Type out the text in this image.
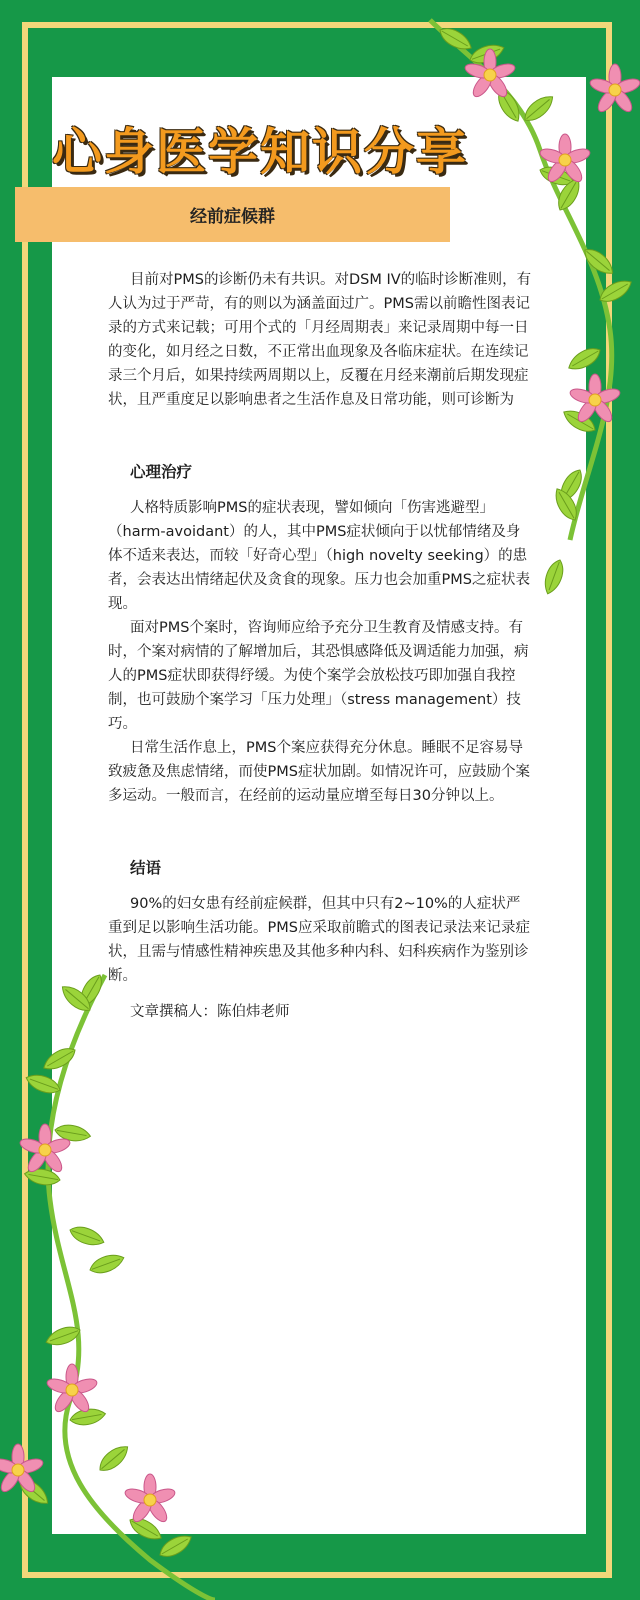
心身医学知识分享
经前症候群

目前对PMS的诊断仍未有共识。对DSM IV的临时诊断准则，有人认为过于严苛，有的则以为涵盖面过广。PMS需以前瞻性图表记录的方式来记载；可用个式的「月经周期表」来记录周期中每一日的变化，如月经之日数，不正常出血现象及各临床症状。在连续记录三个月后，如果持续两周期以上，反覆在月经来潮前后期发现症状，且严重度足以影响患者之生活作息及日常功能，则可诊断为

心理治疗

人格特质影响PMS的症状表现，譬如倾向「伤害逃避型」（harm-avoidant）的人，其中PMS症状倾向于以忧郁情绪及身体不适来表达，而较「好奇心型」（high novelty seeking）的患者，会表达出情绪起伏及贪食的现象。压力也会加重PMS之症状表现。

面对PMS个案时，咨询师应给予充分卫生教育及情感支持。有时，个案对病情的了解增加后，其恐惧感降低及调适能力加强，病人的PMS症状即获得纾缓。为使个案学会放松技巧即加强自我控制，也可鼓励个案学习「压力处理」（stress management）技巧。

日常生活作息上，PMS个案应获得充分休息。睡眠不足容易导致疲惫及焦虑情绪，而使PMS症状加剧。如情况许可，应鼓励个案多运动。一般而言，在经前的运动量应增至每日30分钟以上。

结语

90%的妇女患有经前症候群，但其中只有2~10%的人症状严重到足以影响生活功能。PMS应采取前瞻式的图表记录法来记录症状，且需与情感性精神疾患及其他多种内科、妇科疾病作为鉴别诊断。

文章撰稿人：陈伯炜老师
